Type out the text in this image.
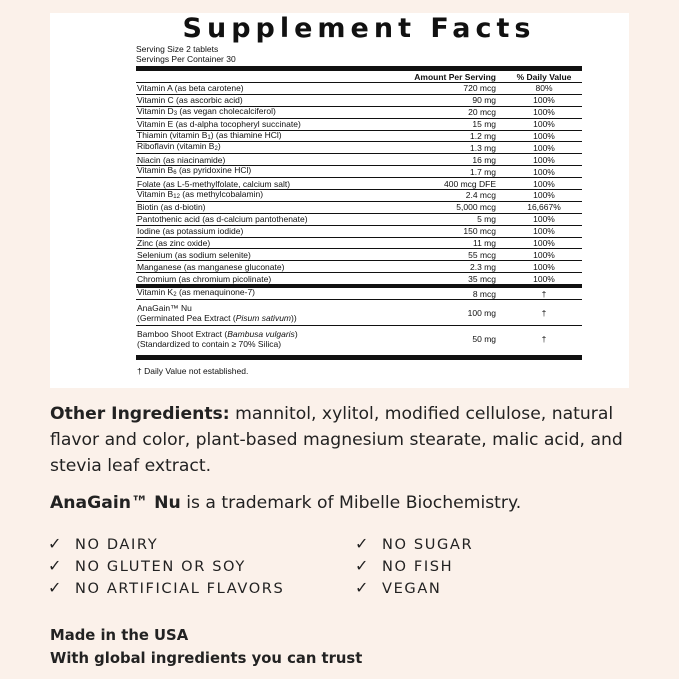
Supplement Facts
Serving Size 2 tablets
Servings Per Container 30
Amount Per Serving	% Daily Value
Vitamin A (as beta carotene)	720 mcg	80%
Vitamin C (as ascorbic acid)	90 mg	100%
Vitamin $D_3$ (as vegan cholecalciferol)	20 mcg	100%
Vitamin E (as d-alpha tocopheryl succinate)	15 mg	100%
Thiamin (vitamin $B_1$) (as thiamine HCl)	1.2 mg	100%
Riboflavin (vitamin $B_2$)	1.3 mg	100%
Niacin (as niacinamide)	16 mg	100%
Vitamin $B_6$ (as pyridoxine HCl)	1.7 mg	100%
Folate (as L-5-methylfolate, calcium salt)	400 mcg DFE	100%
Vitamin $B_{12}$ (as methylcobalamin)	2.4 mcg	100%
Biotin (as d-biotin)	5,000 mcg	16,667%
Pantothenic acid (as d-calcium pantothenate)	5 mg	100%
Iodine (as potassium iodide)	150 mcg	100%
Zinc (as zinc oxide)	11 mg	100%
Selenium (as sodium selenite)	55 mcg	100%
Manganese (as manganese gluconate)	2.3 mg	100%
Chromium (as chromium picolinate)	35 mcg	100%
Vitamin $K_2$ (as menaquinone-7)	8 mcg	†
AnaGain™ Nu
(Germinated Pea Extract (Pisum sativum))	100 mg	†
Bamboo Shoot Extract (Bambusa vulgaris)
(Standardized to contain ≥ 70% Silica)	50 mg	†
† Daily Value not established.
Other Ingredients: mannitol, xylitol, modified cellulose, natural flavor and color, plant-based magnesium stearate, malic acid, and stevia leaf extract.
AnaGain™ Nu is a trademark of Mibelle Biochemistry.
✓ NO DAIRY
✓ NO GLUTEN OR SOY
✓ NO ARTIFICIAL FLAVORS
✓ NO SUGAR
✓ NO FISH
✓ VEGAN
Made in the USA
With global ingredients you can trust
